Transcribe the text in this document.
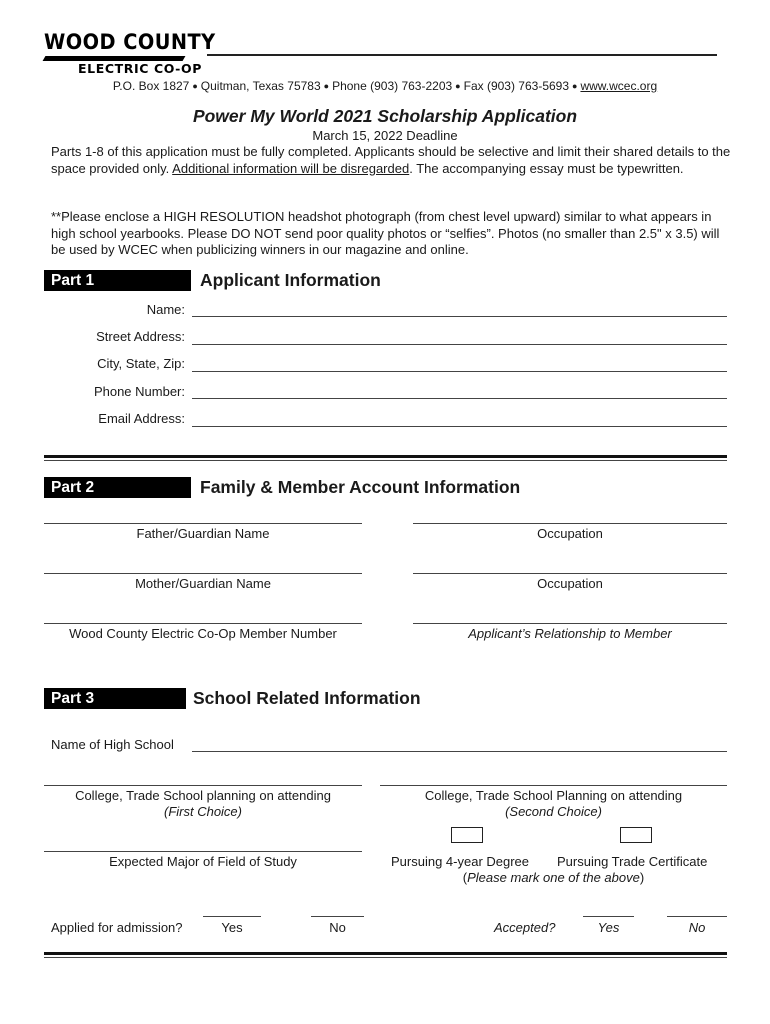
WOOD COUNTY
ELECTRIC CO-OP
P.O. Box 1827 ● Quitman, Texas 75783 ● Phone (903) 763-2203 ● Fax (903) 763-5693 ● www.wcec.org
Power My World 2021 Scholarship Application
March 15, 2022 Deadline
Parts 1-8 of this application must be fully completed. Applicants should be selective and limit their shared details to the space provided only. Additional information will be disregarded. The accompanying essay must be typewritten.
**Please enclose a HIGH RESOLUTION headshot photograph (from chest level upward) similar to what appears in high school yearbooks. Please DO NOT send poor quality photos or “selfies”. Photos (no smaller than 2.5" x 3.5) will be used by WCEC when publicizing winners in our magazine and online.
Part 1	Applicant Information
Name:
Street Address:
City, State, Zip:
Phone Number:
Email Address:
Part 2	Family & Member Account Information
Father/Guardian Name	Occupation
Mother/Guardian Name	Occupation
Wood County Electric Co-Op Member Number	Applicant’s Relationship to Member
Part 3	School Related Information
Name of High School
College, Trade School planning on attending
(First Choice)
College, Trade School Planning on attending
(Second Choice)
Expected Major of Field of Study	Pursuing 4-year Degree Pursuing Trade Certificate
(Please mark one of the above)
Applied for admission?	Yes	No	Accepted?	Yes	No
